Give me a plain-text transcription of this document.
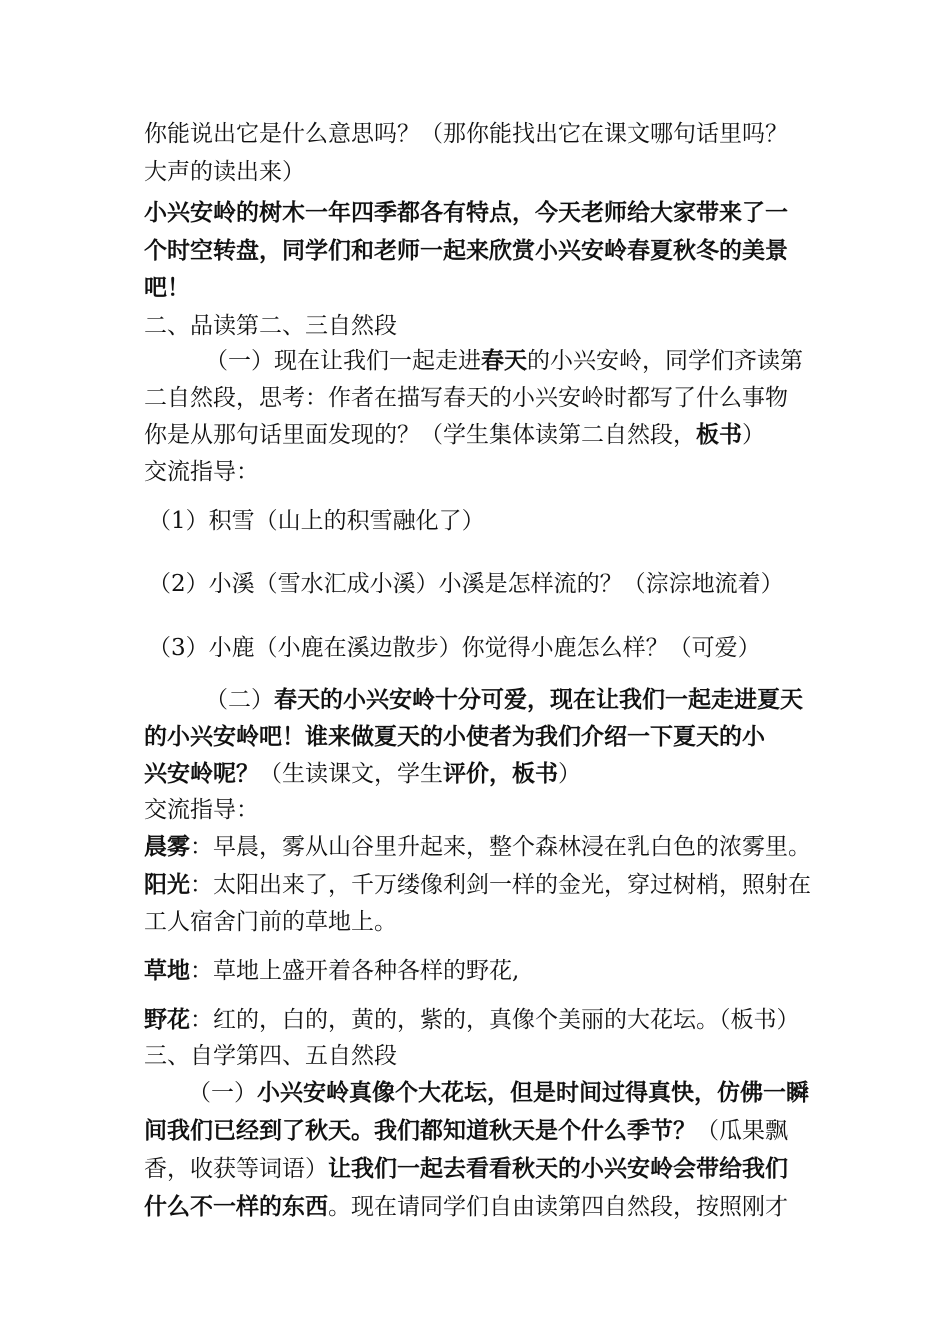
你能说出它是什么意思吗？（那你能找出它在课文哪句话里吗？

大声的读出来）

小兴安岭的树木一年四季都各有特点，今天老师给大家带来了一

个时空转盘，同学们和老师一起来欣赏小兴安岭春夏秋冬的美景

吧！

二、品读第二、三自然段

（一）现在让我们一起走进春天的小兴安岭，同学们齐读第

二自然段，思考：作者在描写春天的小兴安岭时都写了什么事物

你是从那句话里面发现的？（学生集体读第二自然段，板书）

交流指导：

（1）积雪（山上的积雪融化了）

（2）小溪（雪水汇成小溪）小溪是怎样流的？（淙淙地流着）

（3）小鹿（小鹿在溪边散步）你觉得小鹿怎么样？（可爱）

（二）春天的小兴安岭十分可爱，现在让我们一起走进夏天

的小兴安岭吧！谁来做夏天的小使者为我们介绍一下夏天的小

兴安岭呢？（生读课文，学生评价，板书）

交流指导：

晨雾：早晨，雾从山谷里升起来，整个森林浸在乳白色的浓雾里。

阳光：太阳出来了，千万缕像利剑一样的金光，穿过树梢，照射在

工人宿舍门前的草地上。

草地：草地上盛开着各种各样的野花,

野花：红的，白的，黄的，紫的，真像个美丽的大花坛。（板书）

三、自学第四、五自然段

（一）小兴安岭真像个大花坛，但是时间过得真快，仿佛一瞬

间我们已经到了秋天。我们都知道秋天是个什么季节？（瓜果飘

香，收获等词语）让我们一起去看看秋天的小兴安岭会带给我们

什么不一样的东西。现在请同学们自由读第四自然段，按照刚才
